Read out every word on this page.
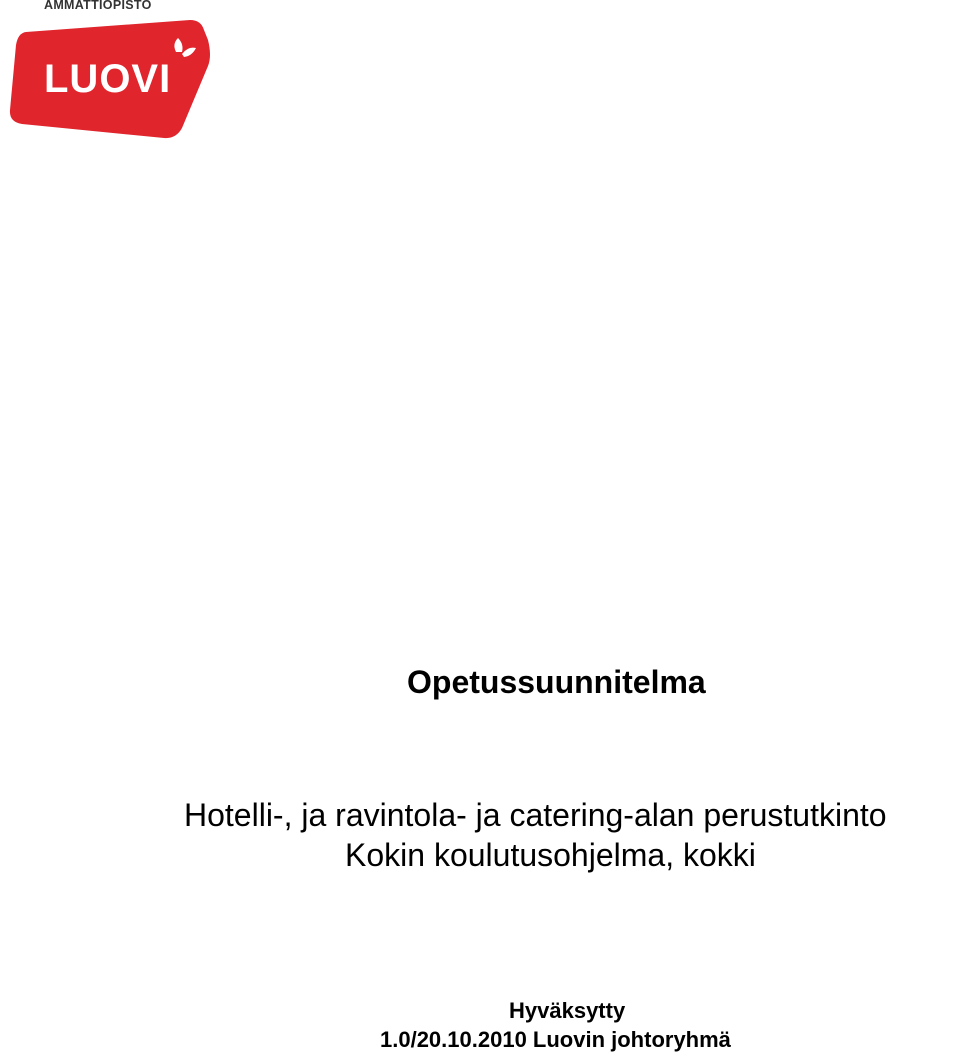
AMMATTIOPISTO
LUOVI
Opetussuunnitelma
Hotelli-, ja ravintola- ja catering-alan perustutkinto
Kokin koulutusohjelma, kokki
Hyväksytty
1.0/20.10.2010 Luovin johtoryhmä
